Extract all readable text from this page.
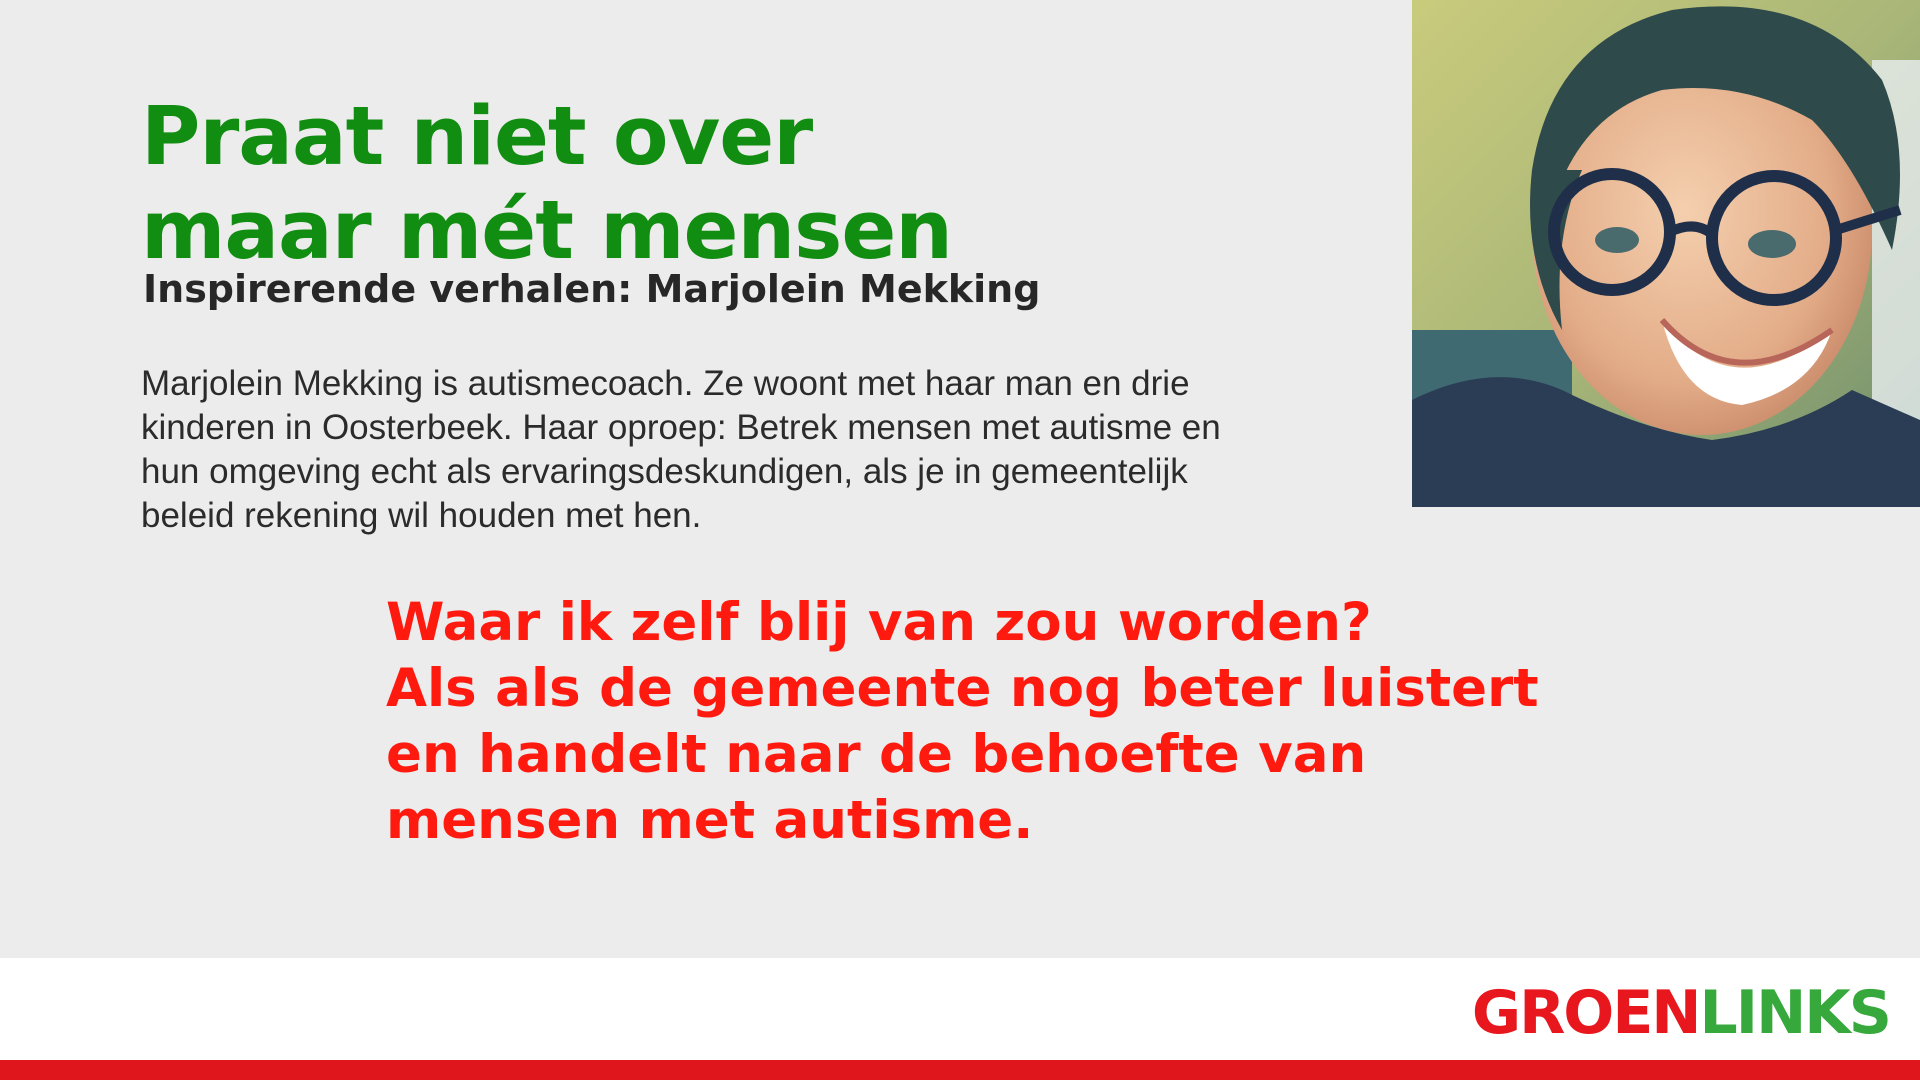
Praat niet over
maar mét mensen
Inspirerende verhalen: Marjolein Mekking

Marjolein Mekking is autismecoach. Ze woont met haar man en drie kinderen in Oosterbeek. Haar oproep: Betrek mensen met autisme en hun omgeving echt als ervaringsdeskundigen, als je in gemeentelijk beleid rekening wil houden met hen.

Waar ik zelf blij van zou worden?
Als als de gemeente nog beter luistert
en handelt naar de behoefte van
mensen met autisme.
GROENLINKS
